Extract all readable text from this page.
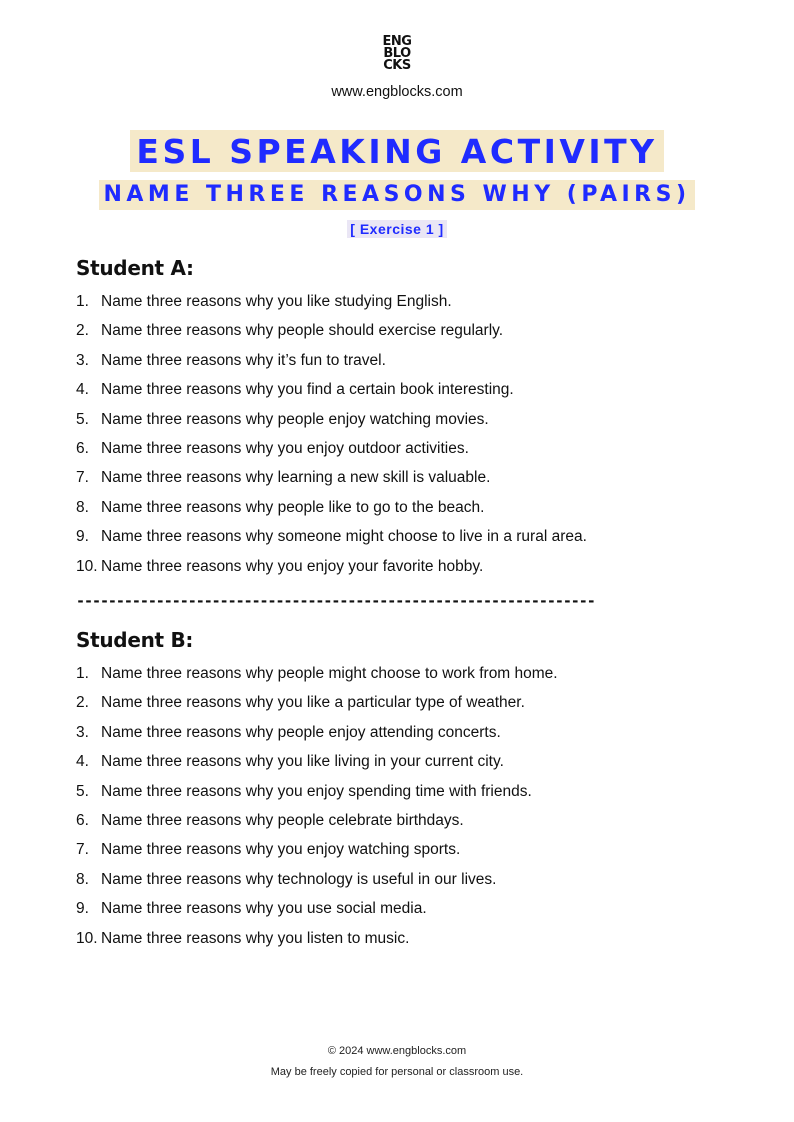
ENG
BLO
CKS
www.engblocks.com
ESL SPEAKING ACTIVITY
NAME THREE REASONS WHY (PAIRS)
[ Exercise 1 ]
Student A:
1. Name three reasons why you like studying English.
2. Name three reasons why people should exercise regularly.
3. Name three reasons why it’s fun to travel.
4. Name three reasons why you find a certain book interesting.
5. Name three reasons why people enjoy watching movies.
6. Name three reasons why you enjoy outdoor activities.
7. Name three reasons why learning a new skill is valuable.
8. Name three reasons why people like to go to the beach.
9. Name three reasons why someone might choose to live in a rural area.
10. Name three reasons why you enjoy your favorite hobby.
-----------------------------------------------------------------
Student B:
1. Name three reasons why people might choose to work from home.
2. Name three reasons why you like a particular type of weather.
3. Name three reasons why people enjoy attending concerts.
4. Name three reasons why you like living in your current city.
5. Name three reasons why you enjoy spending time with friends.
6. Name three reasons why people celebrate birthdays.
7. Name three reasons why you enjoy watching sports.
8. Name three reasons why technology is useful in our lives.
9. Name three reasons why you use social media.
10. Name three reasons why you listen to music.
© 2024 www.engblocks.com
May be freely copied for personal or classroom use.
